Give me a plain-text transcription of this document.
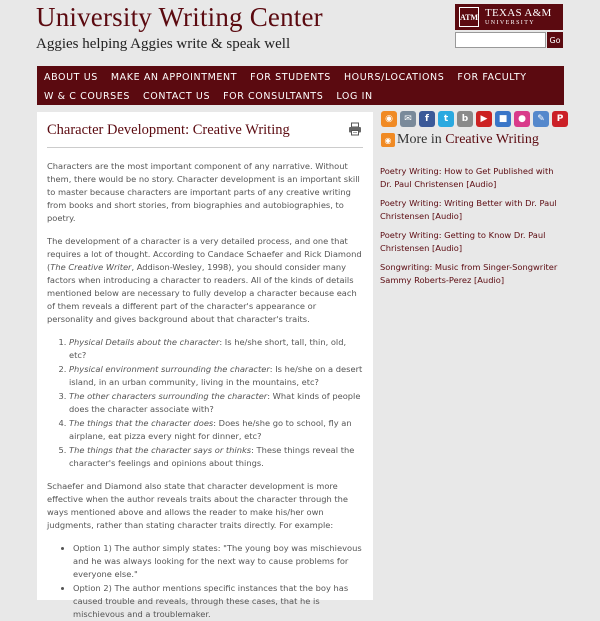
University Writing Center
Aggies helping Aggies write & speak well
ATM TEXAS A&M
UNIVERSITY
Go
ABOUT US MAKE AN APPOINTMENT FOR STUDENTS HOURS/LOCATIONS FOR FACULTY
W & C COURSES CONTACT US FOR CONSULTANTS LOG IN
Character Development: Creative Writing

Characters are the most important component of any narrative. Without them, there would be no story. Character development is an important skill to master because characters are important parts of any creative writing from books and short stories, from biographies and autobiographies, to poetry.

The development of a character is a very detailed process, and one that requires a lot of thought. According to Candace Schaefer and Rick Diamond (The Creative Writer, Addison-Wesley, 1998), you should consider many factors when introducing a character to readers. All of the kinds of details mentioned below are necessary to fully develop a character because each of them reveals a different part of the character's appearance or personality and gives background about that character's traits.

1. Physical Details about the character: Is he/she short, tall, thin, old, etc?
2. Physical environment surrounding the character: Is he/she on a desert island, in an urban community, living in the mountains, etc?
3. The other characters surrounding the character: What kinds of people does the character associate with?
4. The things that the character does: Does he/she go to school, fly an airplane, eat pizza every night for dinner, etc?
5. The things that the character says or thinks: These things reveal the character's feelings and opinions about things.

Schaefer and Diamond also state that character development is more effective when the author reveals traits about the character through the ways mentioned above and allows the reader to make his/her own judgments, rather than stating character traits directly. For example:

• Option 1) The author simply states: "The young boy was mischievous and he was always looking for the next way to cause problems for everyone else."
• Option 2) The author mentions specific instances that the boy has caused trouble and reveals, through these cases, that he is mischievous and a troublemaker.
◉	✉	f	t	b	▶	■	●	✎	P
◉ More in Creative Writing
Poetry Writing: How to Get Published with Dr. Paul Christensen [Audio]
Poetry Writing: Writing Better with Dr. Paul Christensen [Audio]
Poetry Writing: Getting to Know Dr. Paul Christensen [Audio]
Songwriting: Music from Singer-Songwriter Sammy Roberts-Perez [Audio]
